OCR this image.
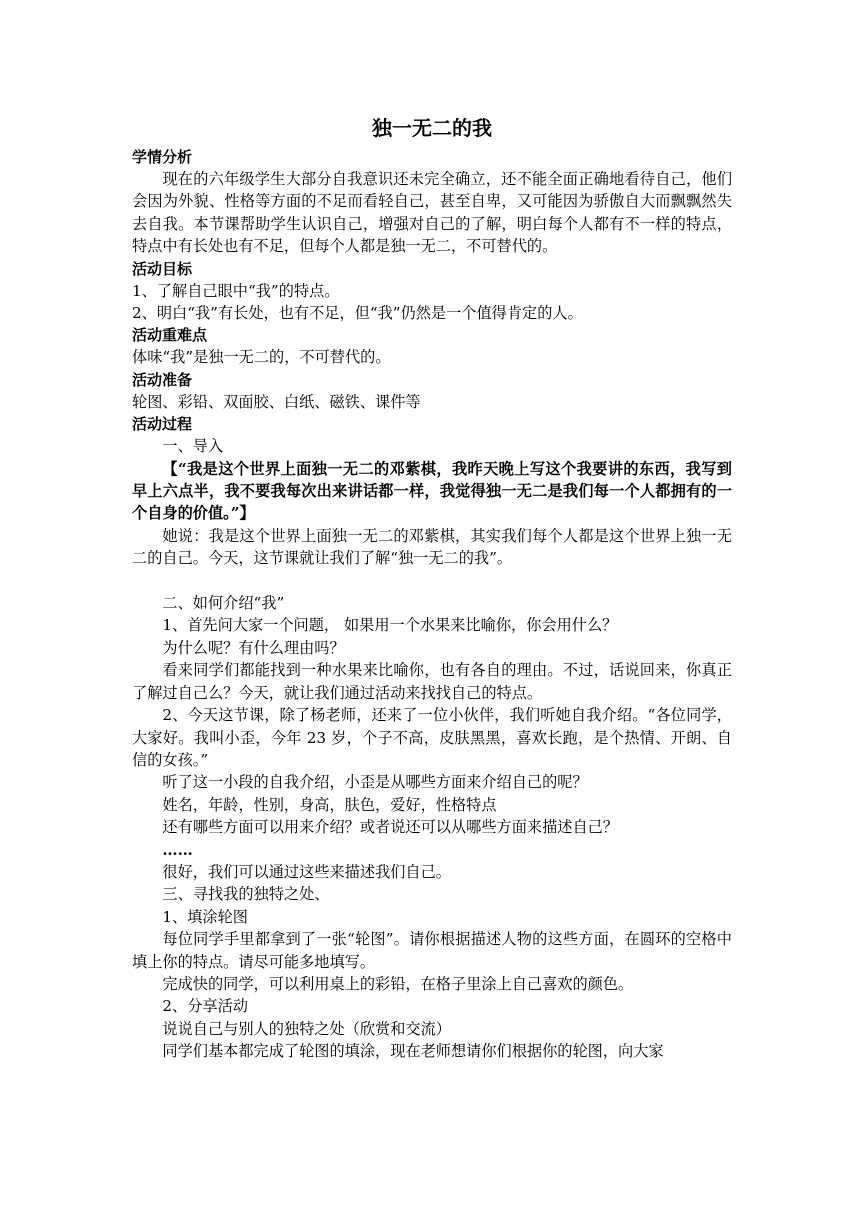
独一无二的我
学情分析

现在的六年级学生大部分自我意识还未完全确立，还不能全面正确地看待自己，他们会因为外貌、性格等方面的不足而看轻自己，甚至自卑，又可能因为骄傲自大而飘飘然失去自我。本节课帮助学生认识自己，增强对自己的了解，明白每个人都有不一样的特点，特点中有长处也有不足，但每个人都是独一无二，不可替代的。

活动目标

1、了解自己眼中“我”的特点。

2、明白“我”有长处，也有不足，但“我”仍然是一个值得肯定的人。

活动重难点

体味“我”是独一无二的，不可替代的。

活动准备

轮图、彩铅、双面胶、白纸、磁铁、课件等

活动过程

一、导入

【“我是这个世界上面独一无二的邓紫棋，我昨天晚上写这个我要讲的东西，我写到早上六点半，我不要我每次出来讲话都一样，我觉得独一无二是我们每一个人都拥有的一个自身的价值。”】

她说：我是这个世界上面独一无二的邓紫棋，其实我们每个人都是这个世界上独一无二的自己。今天，这节课就让我们了解“独一无二的我”。

二、如何介绍“我”

1、首先问大家一个问题， 如果用一个水果来比喻你，你会用什么？

为什么呢？有什么理由吗？

看来同学们都能找到一种水果来比喻你，也有各自的理由。不过，话说回来，你真正了解过自己么？今天，就让我们通过活动来找找自己的特点。

2、今天这节课，除了杨老师，还来了一位小伙伴，我们听她自我介绍。“各位同学，大家好。我叫小歪，今年 23 岁，个子不高，皮肤黑黑，喜欢长跑，是个热情、开朗、自信的女孩。”

听了这一小段的自我介绍，小歪是从哪些方面来介绍自己的呢？

姓名，年龄，性别，身高，肤色，爱好，性格特点

还有哪些方面可以用来介绍？或者说还可以从哪些方面来描述自己？

……

很好，我们可以通过这些来描述我们自己。

三、寻找我的独特之处、

1、填涂轮图

每位同学手里都拿到了一张“轮图”。请你根据描述人物的这些方面，在圆环的空格中填上你的特点。请尽可能多地填写。

完成快的同学，可以利用桌上的彩铅，在格子里涂上自己喜欢的颜色。

2、分享活动

说说自己与别人的独特之处（欣赏和交流）

同学们基本都完成了轮图的填涂，现在老师想请你们根据你的轮图，向大家
